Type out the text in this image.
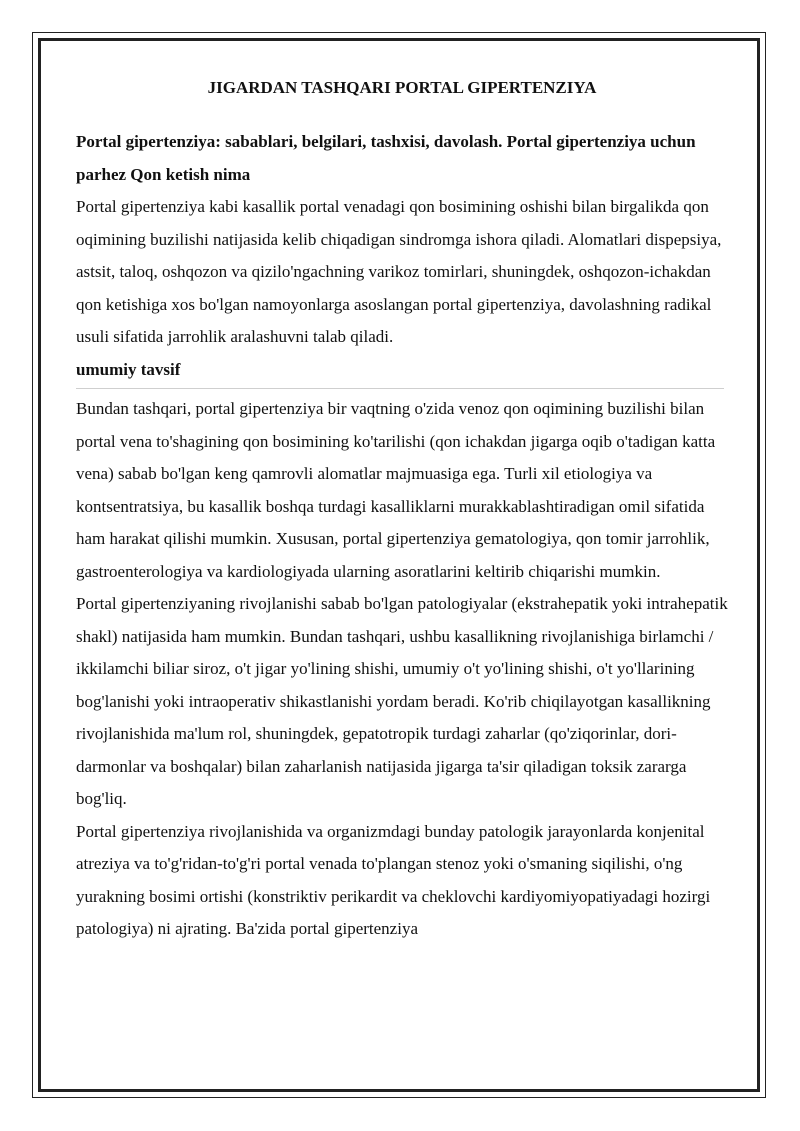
JIGARDAN TASHQARI PORTAL GIPERTENZIYA
Portal gipertenziya: sabablari, belgilari, tashxisi, davolash. Portal gipertenziya uchun parhez Qon ketish nima

Portal gipertenziya kabi kasallik portal venadagi qon bosimining oshishi bilan birgalikda qon oqimining buzilishi natijasida kelib chiqadigan sindromga ishora qiladi. Alomatlari dispepsiya, astsit, taloq, oshqozon va qizilo'ngachning varikoz tomirlari, shuningdek, oshqozon-ichakdan qon ketishiga xos bo'lgan namoyonlarga asoslangan portal gipertenziya, davolashning radikal usuli sifatida jarrohlik aralashuvni talab qiladi.

umumiy tavsif

Bundan tashqari, portal gipertenziya bir vaqtning o'zida venoz qon oqimining buzilishi bilan portal vena to'shagining qon bosimining ko'tarilishi (qon ichakdan jigarga oqib o'tadigan katta vena) sabab bo'lgan keng qamrovli alomatlar majmuasiga ega. Turli xil etiologiya va kontsentratsiya, bu kasallik boshqa turdagi kasalliklarni murakkablashtiradigan omil sifatida ham harakat qilishi mumkin. Xususan, portal gipertenziya gematologiya, qon tomir jarrohlik, gastroenterologiya va kardiologiyada ularning asoratlarini keltirib chiqarishi mumkin.

Portal gipertenziyaning rivojlanishi sabab bo'lgan patologiyalar (ekstrahepatik yoki intrahepatik shakl) natijasida ham mumkin. Bundan tashqari, ushbu kasallikning rivojlanishiga birlamchi / ikkilamchi biliar siroz, o't jigar yo'lining shishi, umumiy o't yo'lining shishi, o't yo'llarining bog'lanishi yoki intraoperativ shikastlanishi yordam beradi. Ko'rib chiqilayotgan kasallikning rivojlanishida ma'lum rol, shuningdek, gepatotropik turdagi zaharlar (qo'ziqorinlar, dori-darmonlar va boshqalar) bilan zaharlanish natijasida jigarga ta'sir qiladigan toksik zararga bog'liq.

Portal gipertenziya rivojlanishida va organizmdagi bunday patologik jarayonlarda konjenital atreziya va to'g'ridan-to'g'ri portal venada to'plangan stenoz yoki o'smaning siqilishi, o'ng yurakning bosimi ortishi (konstriktiv perikardit va cheklovchi kardiyomiyopatiyadagi hozirgi patologiya) ni ajrating. Ba'zida portal gipertenziya
